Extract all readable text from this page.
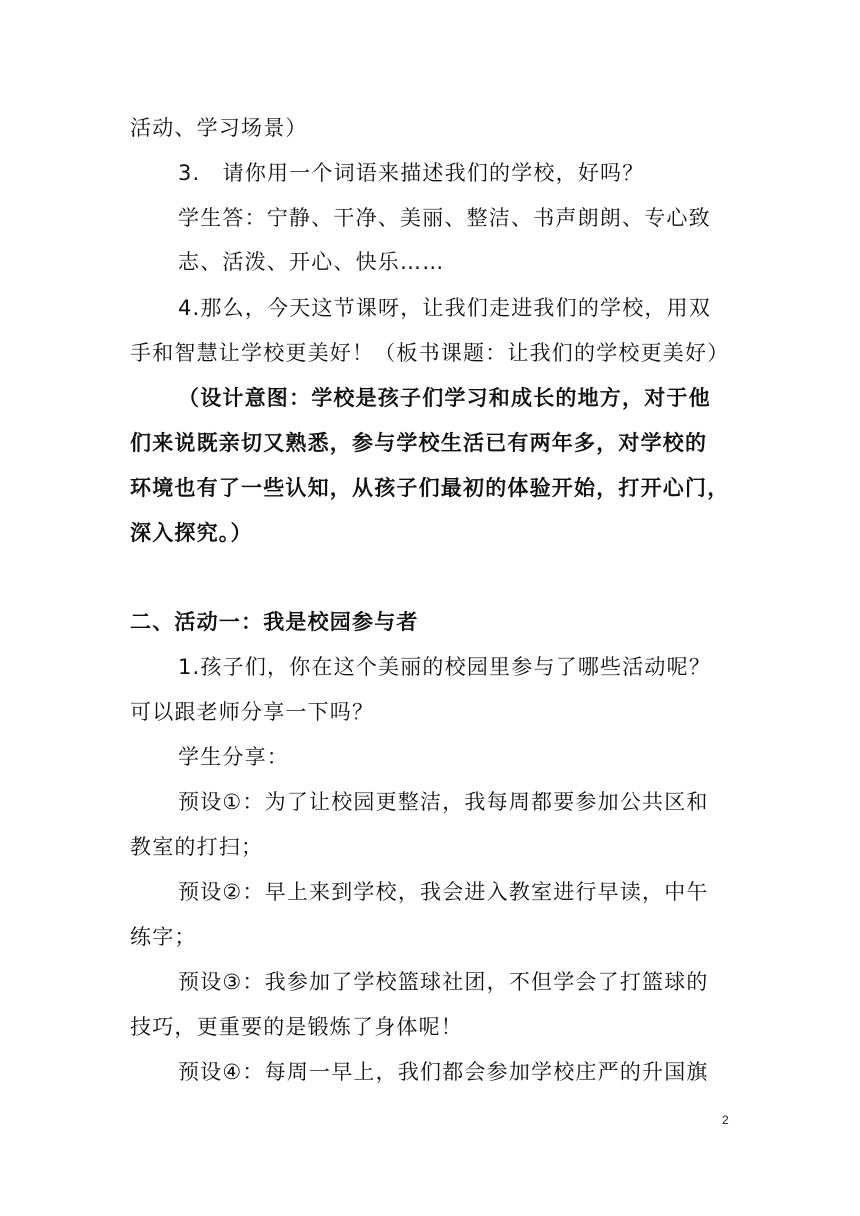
活动、学习场景）
3.　请你用一个词语来描述我们的学校，好吗？
学生答：宁静、干净、美丽、整洁、书声朗朗、专心致
志、活泼、开心、快乐……
4.那么，今天这节课呀，让我们走进我们的学校，用双
手和智慧让学校更美好！（板书课题：让我们的学校更美好）
（设计意图：学校是孩子们学习和成长的地方，对于他
们来说既亲切又熟悉，参与学校生活已有两年多，对学校的
环境也有了一些认知，从孩子们最初的体验开始，打开心门，
深入探究。）
二、活动一：我是校园参与者
1.孩子们，你在这个美丽的校园里参与了哪些活动呢？
可以跟老师分享一下吗？
学生分享：
预设①：为了让校园更整洁，我每周都要参加公共区和
教室的打扫；
预设②：早上来到学校，我会进入教室进行早读，中午
练字；
预设③：我参加了学校篮球社团，不但学会了打篮球的
技巧，更重要的是锻炼了身体呢！
预设④：每周一早上，我们都会参加学校庄严的升国旗
2
